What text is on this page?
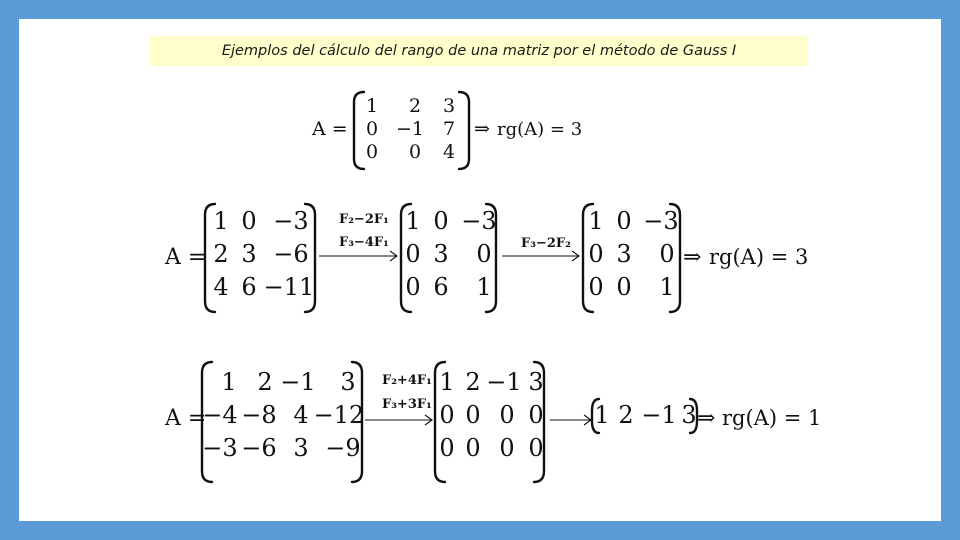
Ejemplos del cálculo del rango de una matriz por el método de Gauss I
A =
1 2 3
0 −1 7
0 0 4
⇒ rg(A) = 3
A =
1 0 −3
2 3 −6
4 6 −11
F₂−2F₁
F₃−4F₁
1 0 −3
0 3 0
0 6 1
F₃−2F₂
1 0 −3
0 3 0
0 0 1
⇒ rg(A) = 3
A =
1 2 −1 3
−4 −8 4 −12
−3 −6 3 −9
F₂+4F₁
F₃+3F₁
1 2 −1 3
0 0 0 0
0 0 0 0
1 2 −1 3 ⇒ rg(A) = 1
